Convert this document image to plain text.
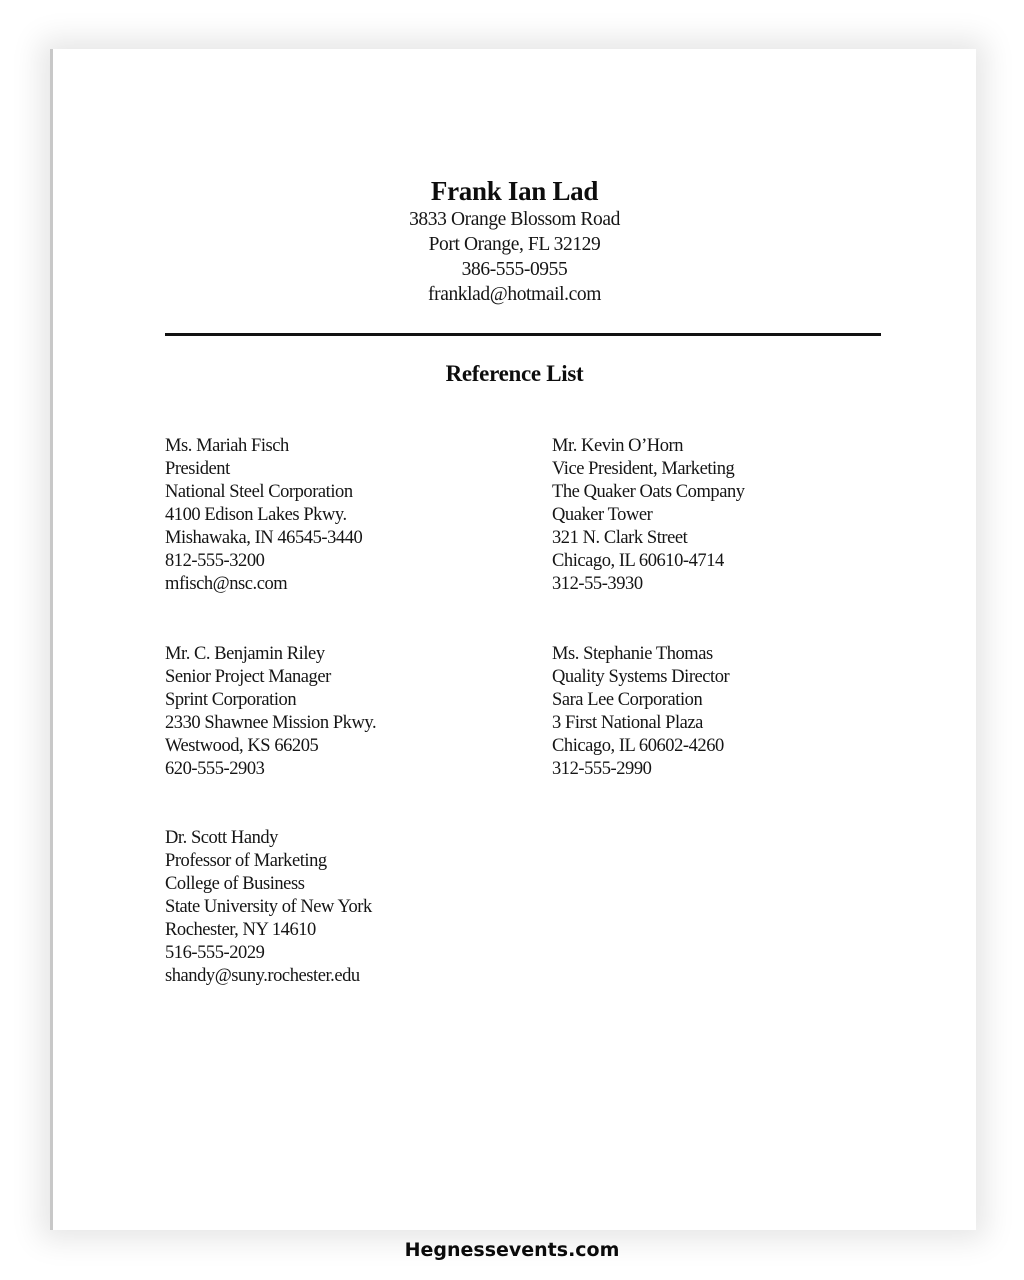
Frank Ian Lad
3833 Orange Blossom Road
Port Orange, FL 32129
386-555-0955
franklad@hotmail.com
Reference List
Ms. Mariah Fisch
President
National Steel Corporation
4100 Edison Lakes Pkwy.
Mishawaka, IN 46545-3440
812-555-3200
mfisch@nsc.com
Mr. Kevin O’Horn
Vice President, Marketing
The Quaker Oats Company
Quaker Tower
321 N. Clark Street
Chicago, IL 60610-4714
312-55-3930
Mr. C. Benjamin Riley
Senior Project Manager
Sprint Corporation
2330 Shawnee Mission Pkwy.
Westwood, KS 66205
620-555-2903
Ms. Stephanie Thomas
Quality Systems Director
Sara Lee Corporation
3 First National Plaza
Chicago, IL 60602-4260
312-555-2990
Dr. Scott Handy
Professor of Marketing
College of Business
State University of New York
Rochester, NY 14610
516-555-2029
shandy@suny.rochester.edu
Hegnessevents.com
